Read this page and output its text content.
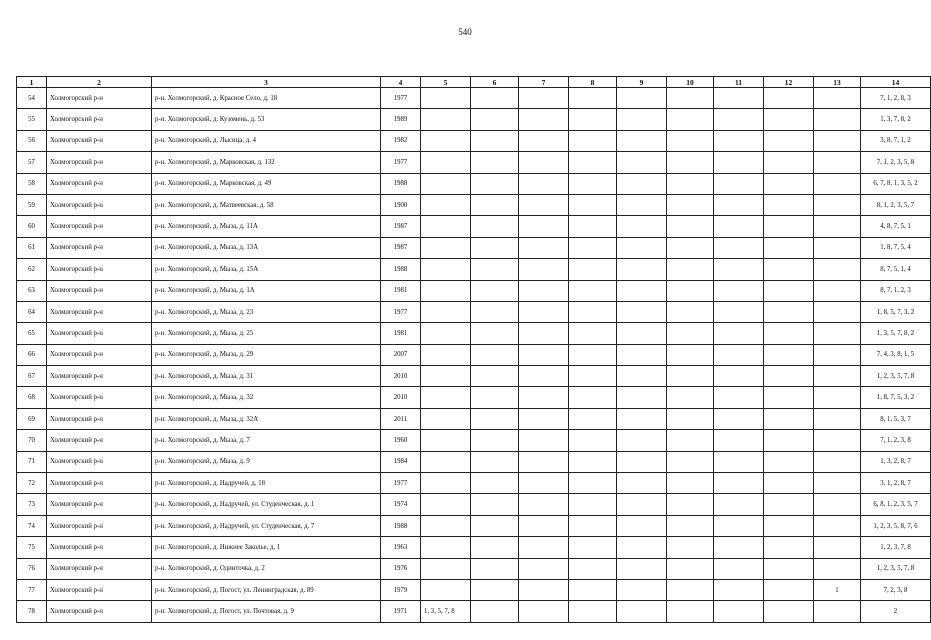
540
1	2	3	4	5	6	7	8	9	10	11	12	13	14
54	Холмогорский р-н	р-н. Холмогорский, д. Красное Село, д. 18	1977										7, 1, 2, 8, 3
55	Холмогорский р-н	р-н. Холмогорский, д. Кузомень, д. 53	1989										1, 3, 7, 8, 2
56	Холмогорский р-н	р-н. Холмогорский, д. Лысица, д. 4	1982										3, 8, 7, 1, 2
57	Холмогорский р-н	р-н. Холмогорский, д. Марковская, д. 132	1977										7, 1, 2, 3, 5, 8
58	Холмогорский р-н	р-н. Холмогорский, д. Марковская, д. 49	1988										6, 7, 8, 1, 3, 5, 2
59	Холмогорский р-н	р-н. Холмогорский, д. Матвеевская, д. 58	1900										8, 1, 2, 3, 5, 7
60	Холмогорский р-н	р-н. Холмогорский, д. Мыза, д. 11А	1987										4, 8, 7, 5, 1
61	Холмогорский р-н	р-н. Холмогорский, д. Мыза, д. 13А	1987										1, 8, 7, 5, 4
62	Холмогорский р-н	р-н. Холмогорский, д. Мыза, д. 15А	1988										8, 7, 5, 1, 4
63	Холмогорский р-н	р-н. Холмогорский, д. Мыза, д. 1А	1981										8, 7, 1, 2, 3
64	Холмогорский р-н	р-н. Холмогорский, д. Мыза, д. 23	1977										1, 8, 5, 7, 3, 2
65	Холмогорский р-н	р-н. Холмогорский, д. Мыза, д. 25	1981										1, 3, 5, 7, 8, 2
66	Холмогорский р-н	р-н. Холмогорский, д. Мыза, д. 29	2007										7, 4, 3, 8, 1, 5
67	Холмогорский р-н	р-н. Холмогорский, д. Мыза, д. 31	2010										1, 2, 3, 5, 7, 8
68	Холмогорский р-н	р-н. Холмогорский, д. Мыза, д. 32	2010										1, 8, 7, 5, 3, 2
69	Холмогорский р-н	р-н. Холмогорский, д. Мыза, д. 32А	2011										8, 1, 5, 3, 7
70	Холмогорский р-н	р-н. Холмогорский, д. Мыза, д. 7	1960										7, 1, 2, 3, 8
71	Холмогорский р-н	р-н. Холмогорский, д. Мыза, д. 9	1984										1, 3, 2, 8, 7
72	Холмогорский р-н	р-н. Холмогорский, д. Надручей, д. 18	1977										3, 1, 2, 8, 7
73	Холмогорский р-н	р-н. Холмогорский, д. Надручей, ул. Студенческая, д. 1	1974										6, 8, 1, 2, 3, 5, 7
74	Холмогорский р-н	р-н. Холмогорский, д. Надручей, ул. Студенческая, д. 7	1988										1, 2, 3, 5, 8, 7, 6
75	Холмогорский р-н	р-н. Холмогорский, д. Нижнее Заколье, д. 1	1963										1, 2, 3, 7, 8
76	Холмогорский р-н	р-н. Холмогорский, д. Одинточка, д. 2	1976										1, 2, 3, 5, 7, 8
77	Холмогорский р-н	р-н. Холмогорский, д. Погост, ул. Ленинградская, д. 89	1979									1	7, 2, 3, 8
78	Холмогорский р-н	р-н. Холмогорский, д. Погост, ул. Почтовая, д. 9	1971	1, 3, 5, 7, 8									2
